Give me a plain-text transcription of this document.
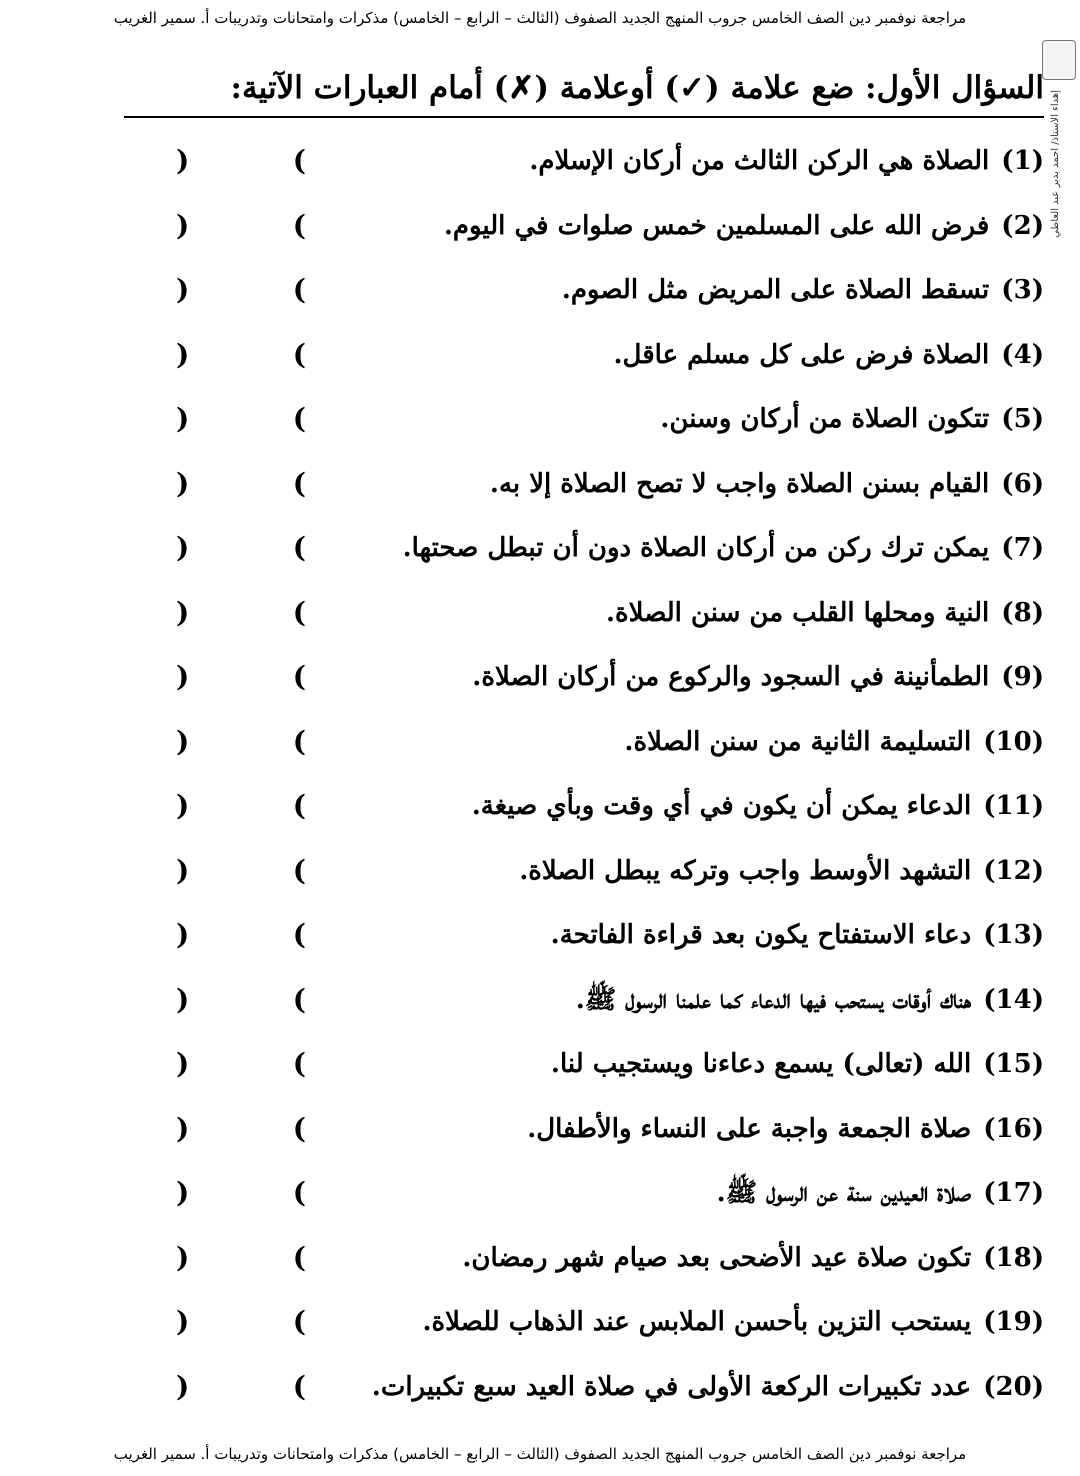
مراجعة نوفمبر دين الصف الخامس جروب المنهج الجديد الصفوف (الثالث – الرابع – الخامس) مذكرات وامتحانات وتدريبات أ. سمير الغريب
إهداء الأستاذ/ أحمد بدير عبد العاطي
السؤال الأول: ضع علامة (✓) أوعلامة (✗) أمام العبارات الآتية:
(1)الصلاة هي الركن الثالث من أركان الإسلام.
(
)
(2)فرض الله على المسلمين خمس صلوات في اليوم.
(
)
(3)تسقط الصلاة على المريض مثل الصوم.
(
)
(4)الصلاة فرض على كل مسلم عاقل.
(
)
(5)تتكون الصلاة من أركان وسنن.
(
)
(6)القيام بسنن الصلاة واجب لا تصح الصلاة إلا به.
(
)
(7)يمكن ترك ركن من أركان الصلاة دون أن تبطل صحتها.
(
)
(8)النية ومحلها القلب من سنن الصلاة.
(
)
(9)الطمأنينة في السجود والركوع من أركان الصلاة.
(
)
(10)التسليمة الثانية من سنن الصلاة.
(
)
(11)الدعاء يمكن أن يكون في أي وقت وبأي صيغة.
(
)
(12)التشهد الأوسط واجب وتركه يبطل الصلاة.
(
)
(13)دعاء الاستفتاح يكون بعد قراءة الفاتحة.
(
)
(14)هناك أوقات يستحب فيها الدعاء كما علمنا الرسول ﷺ.
(
)
(15)الله (تعالى) يسمع دعاءنا ويستجيب لنا.
(
)
(16)صلاة الجمعة واجبة على النساء والأطفال.
(
)
(17)صلاة العيدين سنة عن الرسول ﷺ.
(
)
(18)تكون صلاة عيد الأضحى بعد صيام شهر رمضان.
(
)
(19)يستحب التزين بأحسن الملابس عند الذهاب للصلاة.
(
)
(20)عدد تكبيرات الركعة الأولى في صلاة العيد سبع تكبيرات.
(
)
مراجعة نوفمبر دين الصف الخامس جروب المنهج الجديد الصفوف (الثالث – الرابع – الخامس) مذكرات وامتحانات وتدريبات أ. سمير الغريب
